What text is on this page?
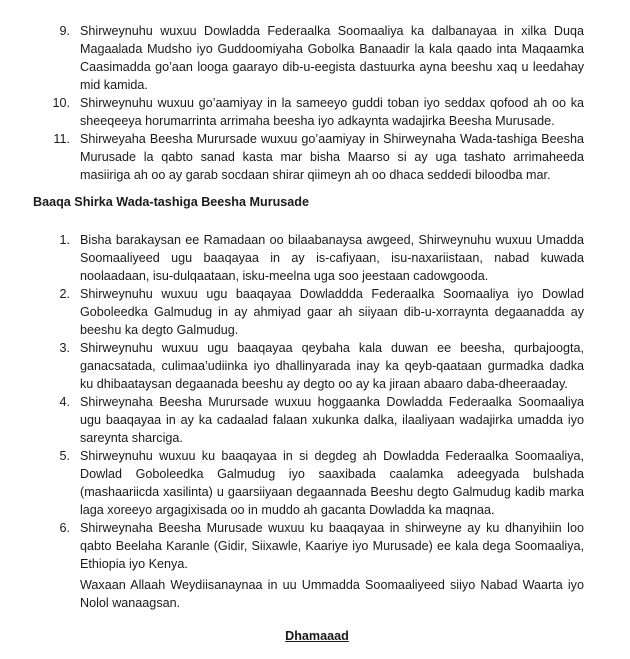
9. Shirweynuhu wuxuu Dowladda Federaalka Soomaaliya ka dalbanayaa in xilka Duqa
Magaalada Mudsho iyo Guddoomiyaha Gobolka Banaadir la kala qaado inta Maqaamka
Caasimadda go’aan looga gaarayo dib-u-eegista dastuurka ayna beeshu xaq u leedahay
mid kamida.
10. Shirweynuhu wuxuu go’aamiyay in la sameeyo guddi toban iyo seddax qofood ah oo ka
sheeqeeya horumarrinta arrimaha beesha iyo adkaynta wadajirka Beesha Murusade.
11. Shirweyaha Beesha Murursade wuxuu go’aamiyay in Shirweynaha Wada-tashiga Beesha
Murusade la qabto sanad kasta mar bisha Maarso si ay uga tashato arrimaheeda
masiiriga ah oo ay garab socdaan shirar qiimeyn ah oo dhaca seddedi biloodba mar.
Baaqa Shirka Wada-tashiga Beesha Murusade
1. Bisha barakaysan ee Ramadaan oo bilaabanaysa awgeed, Shirweynuhu wuxuu Umadda
Soomaaliyeed ugu baaqayaa in ay is-cafiyaan, isu-naxariistaan, nabad kuwada
noolaadaan, isu-dulqaataan, isku-meelna uga soo jeestaan cadowgooda.
2. Shirweynuhu wuxuu ugu baaqayaa Dowladdda Federaalka Soomaaliya iyo Dowlad
Goboleedka Galmudug in ay ahmiyad gaar ah siiyaan dib-u-xorraynta degaanadda ay
beeshu ka degto Galmudug.
3. Shirweynuhu wuxuu ugu baaqayaa qeybaha kala duwan ee beesha, qurbajoogta,
ganacsatada, culimaa’udiinka iyo dhallinyarada inay ka qeyb-qaataan gurmadka dadka
ku dhibaataysan degaanada beeshu ay degto oo ay ka jiraan abaaro daba-dheeraaday.
4. Shirweynaha Beesha Murursade wuxuu hoggaanka Dowladda Federaalka Soomaaliya
ugu baaqayaa in ay ka cadaalad falaan xukunka dalka, ilaaliyaan wadajirka umadda iyo
sareynta sharciga.
5. Shirweynuhu wuxuu ku baaqayaa in si degdeg ah Dowladda Federaalka Soomaaliya,
Dowlad Goboleedka Galmudug iyo saaxibada caalamka adeegyada bulshada
(mashaariicda xasilinta) u gaarsiiyaan degaannada Beeshu degto Galmudug kadib marka
laga xoreeyo argagixisada oo in muddo ah gacanta Dowladda ka maqnaa.
6. Shirweynaha Beesha Murusade wuxuu ku baaqayaa in shirweyne ay ku dhanyihiin loo
qabto Beelaha Karanle (Gidir, Siixawle, Kaariye iyo Murusade) ee kala dega Soomaaliya,
Ethiopia iyo Kenya.
Waxaan Allaah Weydiisanaynaa in uu Ummadda Soomaaliyeed siiyo Nabad Waarta iyo
Nolol wanaagsan.
Dhamaaad
